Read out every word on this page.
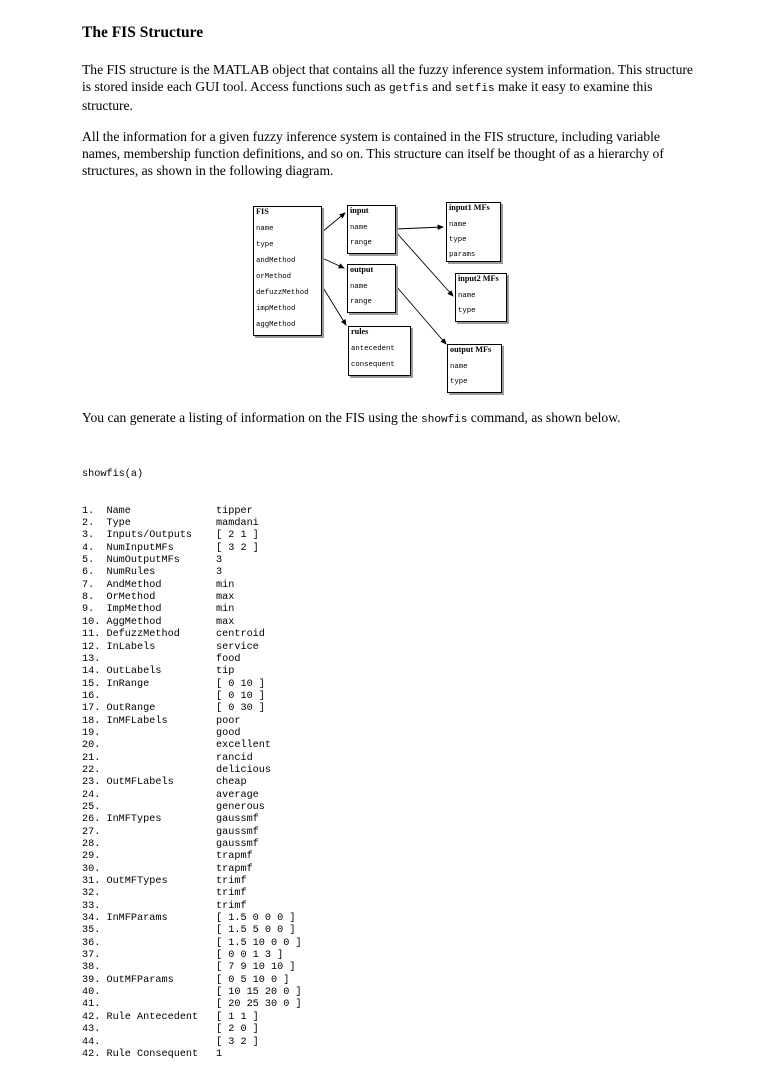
The FIS Structure

The FIS structure is the MATLAB object that contains all the fuzzy inference system information. This structure is stored inside each GUI tool. Access functions such as getfis and setfis make it easy to examine this structure.

All the information for a given fuzzy inference system is contained in the FIS structure, including variable names, membership function definitions, and so on. This structure can itself be thought of as a hierarchy of structures, as shown in the following diagram.

You can generate a listing of information on the FIS using the showfis command, as shown below.

FIS
name
type
andMethod
orMethod
defuzzMethod
impMethod
aggMethod
input
name
range
output
name
range
rules
antecedent
consequent
input1 MFs
name
type
params
input2 MFs
name
type
output MFs
name
type

showfis(a)

1.  Name	tipper
2.  Type	mamdani
3.  Inputs/Outputs [ 2 1 ]
4.  NumInputMFs	[ 3 2 ]
5.  NumOutputMFs	3
6.  NumRules	3
7.  AndMethod	min
8.  OrMethod	max
9.  ImpMethod	min
10. AggMethod	max
11. DefuzzMethod	centroid
12. InLabels	service
13.	food
14. OutLabels	tip
15. InRange	[ 0 10 ]
16.	[ 0 10 ]
17. OutRange	[ 0 30 ]
18. InMFLabels	poor
19.	good
20.	excellent
21.	rancid
22.	delicious
23. OutMFLabels	cheap
24.	average
25.	generous
26. InMFTypes	gaussmf
27.	gaussmf
28.	gaussmf
29.	trapmf
30.	trapmf
31. OutMFTypes	trimf
32.	trimf
33.	trimf
34. InMFParams	[ 1.5 0 0 0 ]
35.	[ 1.5 5 0 0 ]
36.	[ 1.5 10 0 0 ]
37.	[ 0 0 1 3 ]
38.	[ 7 9 10 10 ]
39. OutMFParams	[ 0 5 10 0 ]
40.	[ 10 15 20 0 ]
41.	[ 20 25 30 0 ]
42. Rule Antecedent [ 1 1 ]
43.	[ 2 0 ]
44.	[ 3 2 ]
42. Rule Consequent 1
